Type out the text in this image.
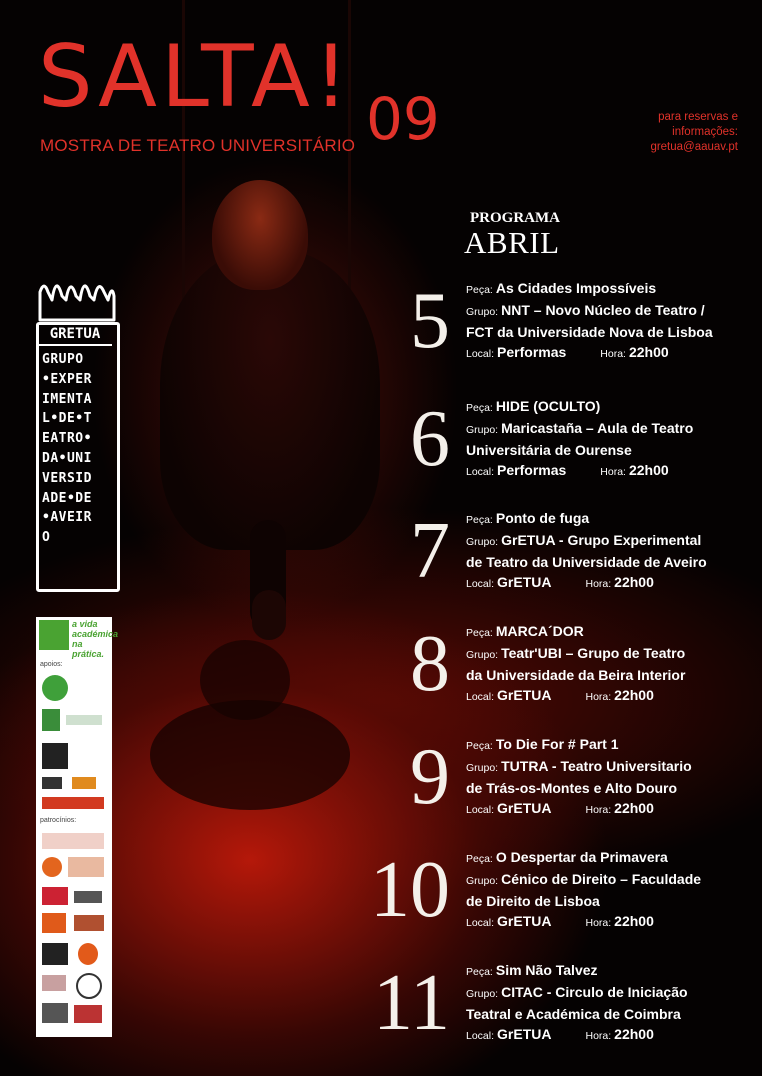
SALTA! 09
MOSTRA DE TEATRO UNIVERSITÁRIO
para reservas e
informações:
gretua@aauav.pt
PROGRAMA
ABRIL
5 Peça: As Cidades Impossíveis
Grupo: NNT – Novo Núcleo de Teatro /
FCT da Universidade Nova de Lisboa
Local: Performas	Hora: 22h00
6 Peça: HIDE (OCULTO)
Grupo: Maricastaña – Aula de Teatro
Universitária de Ourense
Local: Performas	Hora: 22h00
7 Peça: Ponto de fuga
Grupo: GrETUA - Grupo Experimental
de Teatro da Universidade de Aveiro
Local: GrETUA	Hora: 22h00
8 Peça: MARCA´DOR
Grupo: Teatr'UBI – Grupo de Teatro
da Universidade da Beira Interior
Local: GrETUA	Hora: 22h00
9 Peça: To Die For # Part 1
Grupo: TUTRA - Teatro Universitario
de Trás-os-Montes e Alto Douro
Local: GrETUA	Hora: 22h00
10 Peça: O Despertar da Primavera
Grupo: Cénico de Direito – Faculdade
de Direito de Lisboa
Local: GrETUA	Hora: 22h00
11 Peça: Sim Não Talvez
Grupo: CITAC - Circulo de Iniciação
Teatral e Académica de Coimbra
Local: GrETUA	Hora: 22h00
GRETUA
GRUPO
•EXPER
IMENTA
L•DE•T
EATRO•
DA•UNI
VERSID
ADE•DE
•AVEIR
O
a vida académica na prática.
apoios:
patrocínios:
